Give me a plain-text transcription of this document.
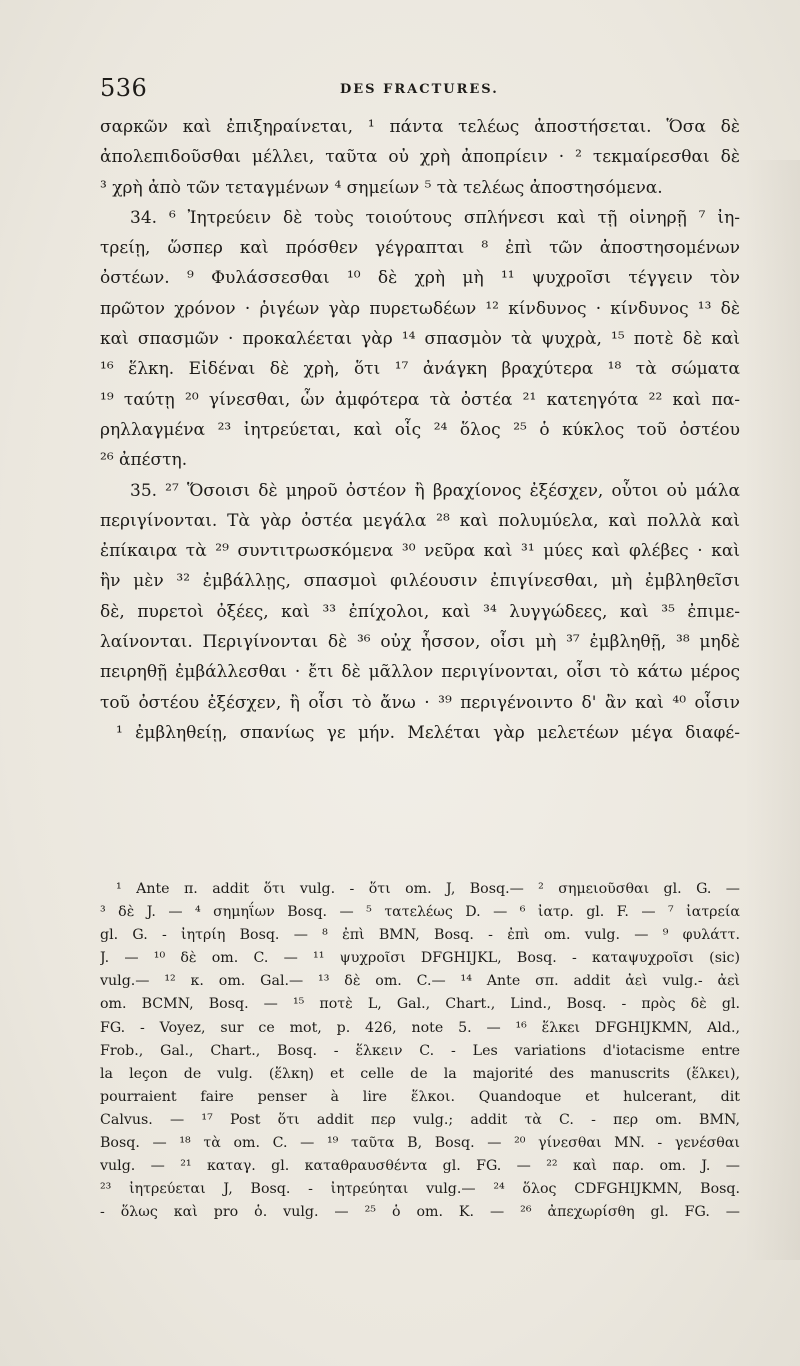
536	DES FRACTURES.
σαρκῶν καὶ ἐπιξηραίνεται, ¹ πάντα τελέως ἀποστήσεται. Ὅσα δὲ
ἀπολεπιδοῦσθαι μέλλει, ταῦτα οὐ χρὴ ἀποπρίειν · ² τεκμαίρεσθαι δὲ
³ χρὴ ἀπὸ τῶν τεταγμένων ⁴ σημείων ⁵ τὰ τελέως ἀποστησόμενα.
34. ⁶ Ἰητρεύειν δὲ τοὺς τοιούτους σπλήνεσι καὶ τῇ οἰνηρῇ ⁷ ἰη-
τρείῃ, ὥσπερ καὶ πρόσθεν γέγραπται ⁸ ἐπὶ τῶν ἀποστησομένων
ὀστέων. ⁹ Φυλάσσεσθαι ¹⁰ δὲ χρὴ μὴ ¹¹ ψυχροῖσι τέγγειν τὸν
πρῶτον χρόνον · ῥιγέων γὰρ πυρετωδέων ¹² κίνδυνος · κίνδυνος ¹³ δὲ
καὶ σπασμῶν · προκαλέεται γὰρ ¹⁴ σπασμὸν τὰ ψυχρὰ, ¹⁵ ποτὲ δὲ καὶ
¹⁶ ἕλκη. Εἰδέναι δὲ χρὴ, ὅτι ¹⁷ ἀνάγκη βραχύτερα ¹⁸ τὰ σώματα
¹⁹ ταύτῃ ²⁰ γίνεσθαι, ὧν ἀμφότερα τὰ ὀστέα ²¹ κατεηγότα ²² καὶ πα-
ρηλλαγμένα ²³ ἰητρεύεται, καὶ οἷς ²⁴ ὅλος ²⁵ ὁ κύκλος τοῦ ὀστέου
²⁶ ἀπέστη.
35. ²⁷ Ὅσοισι δὲ μηροῦ ὀστέον ἢ βραχίονος ἐξέσχεν, οὗτοι οὐ μάλα
περιγίνονται. Τὰ γὰρ ὀστέα μεγάλα ²⁸ καὶ πολυμύελα, καὶ πολλὰ καὶ
ἐπίκαιρα τὰ ²⁹ συντιτρωσκόμενα ³⁰ νεῦρα καὶ ³¹ μύες καὶ φλέβες · καὶ
ἢν μὲν ³² ἐμβάλλῃς, σπασμοὶ φιλέουσιν ἐπιγίνεσθαι, μὴ ἐμβληθεῖσι
δὲ, πυρετοὶ ὀξέες, καὶ ³³ ἐπίχολοι, καὶ ³⁴ λυγγώδεες, καὶ ³⁵ ἐπιμε-
λαίνονται. Περιγίνονται δὲ ³⁶ οὐχ ἧσσον, οἷσι μὴ ³⁷ ἐμβληθῇ, ³⁸ μηδὲ
πειρηθῇ ἐμβάλλεσθαι · ἔτι δὲ μᾶλλον περιγίνονται, οἷσι τὸ κάτω μέρος
τοῦ ὀστέου ἐξέσχεν, ἢ οἷσι τὸ ἄνω · ³⁹ περιγένοιντο δ' ἂν καὶ ⁴⁰ οἷσιν
¹ ἐμβληθείῃ, σπανίως γε μήν. Μελέται γὰρ μελετέων μέγα διαφέ-
¹ Ante π. addit ὅτι vulg. - ὅτι om. J, Bosq.— ² σημειοῦσθαι gl. G. —
³ δὲ J. — ⁴ σημηΐων Bosq. — ⁵ τατελέως D. — ⁶ ἰατρ. gl. F. — ⁷ ἰατρεία
gl. G. - ἰητρίη Bosq. — ⁸ ἐπὶ BMN, Bosq. - ἐπὶ om. vulg. — ⁹ φυλάττ.
J. — ¹⁰ δὲ om. C. — ¹¹ ψυχροῖσι DFGHIJKL, Bosq. - καταψυχροῖσι (sic)
vulg.— ¹² κ. om. Gal.— ¹³ δὲ om. C.— ¹⁴ Ante σπ. addit ἀεὶ vulg.- ἀεὶ
om. BCMN, Bosq. — ¹⁵ ποτὲ L, Gal., Chart., Lind., Bosq. - πρὸς δὲ gl.
FG. - Voyez, sur ce mot, p. 426, note 5. — ¹⁶ ἕλκει DFGHIJKMN, Ald.,
Frob., Gal., Chart., Bosq. - ἕλκειν C. - Les variations d'iotacisme entre
la leçon de vulg. (ἕλκη) et celle de la majorité des manuscrits (ἕλκει),
pourraient faire penser à lire ἕλκοι. Quandoque et hulcerant, dit
Calvus. — ¹⁷ Post ὅτι addit περ vulg.; addit τὰ C. - περ om. BMN,
Bosq. — ¹⁸ τὰ om. C. — ¹⁹ ταῦτα B, Bosq. — ²⁰ γίνεσθαι MN. - γενέσθαι
vulg. — ²¹ καταγ. gl. καταθραυσθέντα gl. FG. — ²² καὶ παρ. om. J. —
²³ ἰητρεύεται J, Bosq. - ἰητρεύηται vulg.— ²⁴ ὅλος CDFGHIJKMN, Bosq.
- ὅλως καὶ pro ὁ. vulg. — ²⁵ ὁ om. K. — ²⁶ ἀπεχωρίσθη gl. FG. —
